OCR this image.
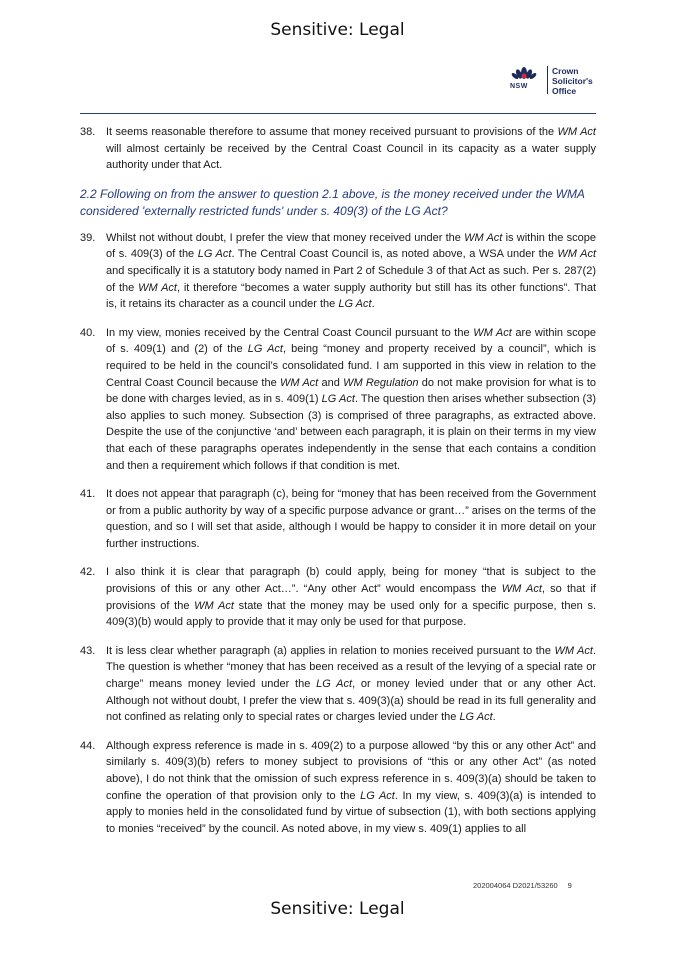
Sensitive: Legal
NSW
Crown
Solicitor's
Office

38. It seems reasonable therefore to assume that money received pursuant to provisions of the WM Act will almost certainly be received by the Central Coast Council in its capacity as a water supply authority under that Act.

2.2 Following on from the answer to question 2.1 above, is the money received under the WMA considered 'externally restricted funds' under s. 409(3) of the LG Act?

39. Whilst not without doubt, I prefer the view that money received under the WM Act is within the scope of s. 409(3) of the LG Act. The Central Coast Council is, as noted above, a WSA under the WM Act and specifically it is a statutory body named in Part 2 of Schedule 3 of that Act as such. Per s. 287(2) of the WM Act, it therefore “becomes a water supply authority but still has its other functions”. That is, it retains its character as a council under the LG Act.

40. In my view, monies received by the Central Coast Council pursuant to the WM Act are within scope of s. 409(1) and (2) of the LG Act, being “money and property received by a council”, which is required to be held in the council’s consolidated fund. I am supported in this view in relation to the Central Coast Council because the WM Act and WM Regulation do not make provision for what is to be done with charges levied, as in s. 409(1) LG Act. The question then arises whether subsection (3) also applies to such money. Subsection (3) is comprised of three paragraphs, as extracted above. Despite the use of the conjunctive ‘and’ between each paragraph, it is plain on their terms in my view that each of these paragraphs operates independently in the sense that each contains a condition and then a requirement which follows if that condition is met.

41. It does not appear that paragraph (c), being for “money that has been received from the Government or from a public authority by way of a specific purpose advance or grant…” arises on the terms of the question, and so I will set that aside, although I would be happy to consider it in more detail on your further instructions.

42. I also think it is clear that paragraph (b) could apply, being for money “that is subject to the provisions of this or any other Act…”. “Any other Act” would encompass the WM Act, so that if provisions of the WM Act state that the money may be used only for a specific purpose, then s. 409(3)(b) would apply to provide that it may only be used for that purpose.

43. It is less clear whether paragraph (a) applies in relation to monies received pursuant to the WM Act. The question is whether “money that has been received as a result of the levying of a special rate or charge” means money levied under the LG Act, or money levied under that or any other Act. Although not without doubt, I prefer the view that s. 409(3)(a) should be read in its full generality and not confined as relating only to special rates or charges levied under the LG Act.

44. Although express reference is made in s. 409(2) to a purpose allowed “by this or any other Act” and similarly s. 409(3)(b) refers to money subject to provisions of “this or any other Act” (as noted above), I do not think that the omission of such express reference in s. 409(3)(a) should be taken to confine the operation of that provision only to the LG Act. In my view, s. 409(3)(a) is intended to apply to monies held in the consolidated fund by virtue of subsection (1), with both sections applying to monies “received” by the council. As noted above, in my view s. 409(1) applies to all

202004064 D2021/53260 9
Sensitive: Legal
